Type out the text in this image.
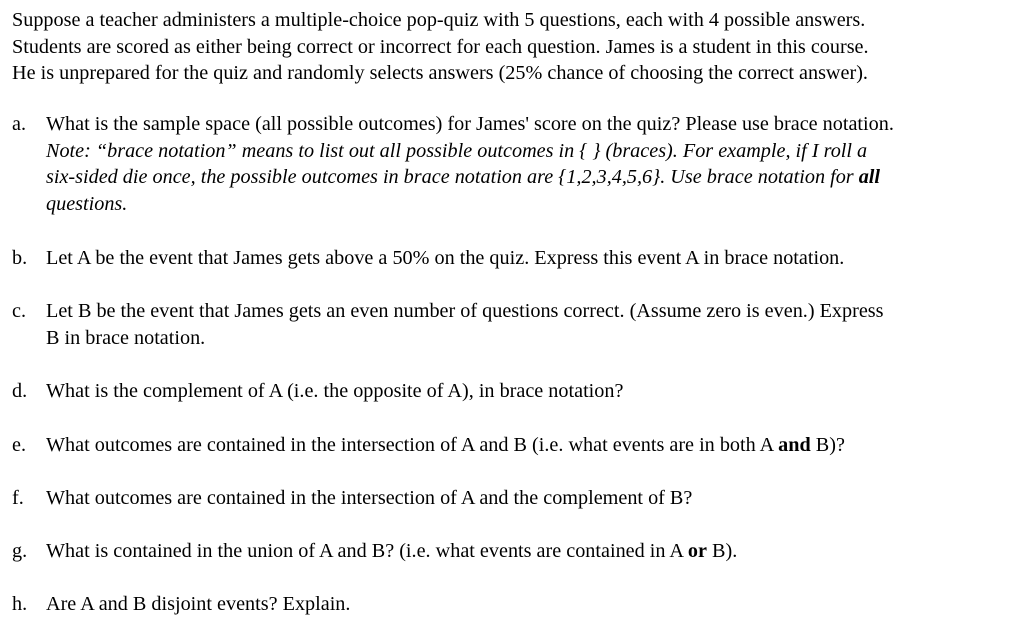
Suppose a teacher administers a multiple-choice pop-quiz with 5 questions, each with 4 possible answers.
Students are scored as either being correct or incorrect for each question. James is a student in this course.
He is unprepared for the quiz and randomly selects answers (25% chance of choosing the correct answer).
a. What is the sample space (all possible outcomes) for James' score on the quiz? Please use brace notation.
Note: “brace notation” means to list out all possible outcomes in { } (braces). For example, if I roll a
six-sided die once, the possible outcomes in brace notation are {1,2,3,4,5,6}. Use brace notation for all
questions.
b. Let A be the event that James gets above a 50% on the quiz. Express this event A in brace notation.
c. Let B be the event that James gets an even number of questions correct. (Assume zero is even.) Express
B in brace notation.
d. What is the complement of A (i.e. the opposite of A), in brace notation?
e. What outcomes are contained in the intersection of A and B (i.e. what events are in both A and B)?
f.	What outcomes are contained in the intersection of A and the complement of B?
g. What is contained in the union of A and B? (i.e. what events are contained in A or B).
h. Are A and B disjoint events? Explain.
